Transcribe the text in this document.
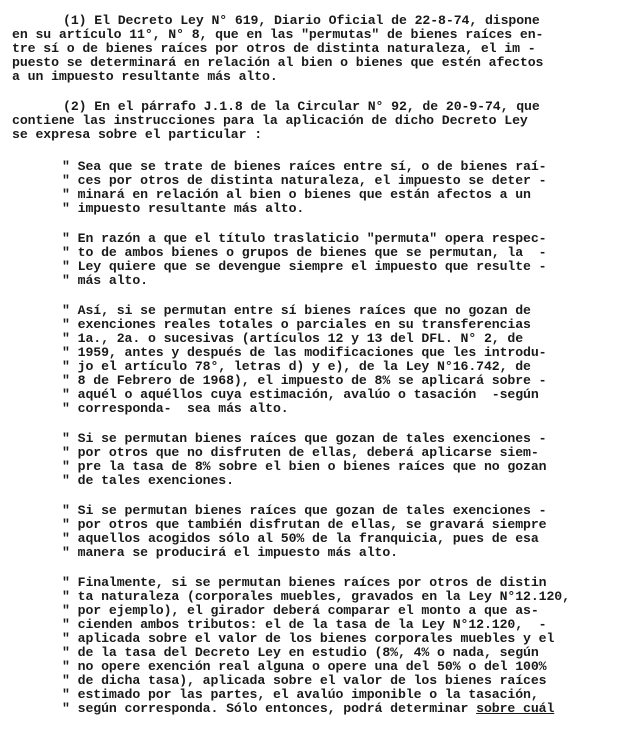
(1) El Decreto Ley N° 619, Diario Oficial de 22-8-74, dispone
en su artículo 11°, N° 8, que en las "permutas" de bienes raíces en-
tre sí o de bienes raíces por otros de distinta naturaleza, el im -
puesto se determinará en relación al bien o bienes que estén afectos
a un impuesto resultante más alto.
(2) En el párrafo J.1.8 de la Circular N° 92, de 20-9-74, que
contiene las instrucciones para la aplicación de dicho Decreto Ley
se expresa sobre el particular :
" Sea que se trate de bienes raíces entre sí, o de bienes raí-
" ces por otros de distinta naturaleza, el impuesto se deter -
" minará en relación al bien o bienes que están afectos a un
" impuesto resultante más alto.
" En razón a que el título traslaticio "permuta" opera respec-
" to de ambos bienes o grupos de bienes que se permutan, la  -
" Ley quiere que se devengue siempre el impuesto que resulte -
" más alto.
" Así, si se permutan entre sí bienes raíces que no gozan de
" exenciones reales totales o parciales en su transferencias
" 1a., 2a. o sucesivas (artículos 12 y 13 del DFL. N° 2, de
" 1959, antes y después de las modificaciones que les introdu-
" jo el artículo 78°, letras d) y e), de la Ley N°16.742, de
" 8 de Febrero de 1968), el impuesto de 8% se aplicará sobre -
" aquél o aquéllos cuya estimación, avalúo o tasación  -según
" corresponda-  sea más alto.
" Si se permutan bienes raíces que gozan de tales exenciones -
" por otros que no disfruten de ellas, deberá aplicarse siem-
" pre la tasa de 8% sobre el bien o bienes raíces que no gozan
" de tales exenciones.
" Si se permutan bienes raíces que gozan de tales exenciones -
" por otros que también disfrutan de ellas, se gravará siempre
" aquellos acogidos sólo al 50% de la franquicia, pues de esa
" manera se producirá el impuesto más alto.
" Finalmente, si se permutan bienes raíces por otros de distin
" ta naturaleza (corporales muebles, gravados en la Ley N°12.120,
" por ejemplo), el girador deberá comparar el monto a que as-
" cienden ambos tributos: el de la tasa de la Ley N°12.120,  -
" aplicada sobre el valor de los bienes corporales muebles y el
" de la tasa del Decreto Ley en estudio (8%, 4% o nada, según
" no opere exención real alguna o opere una del 50% o del 100%
" de dicha tasa), aplicada sobre el valor de los bienes raíces
" estimado por las partes, el avalúo imponible o la tasación,
" según corresponda. Sólo entonces, podrá determinar sobre cuál
